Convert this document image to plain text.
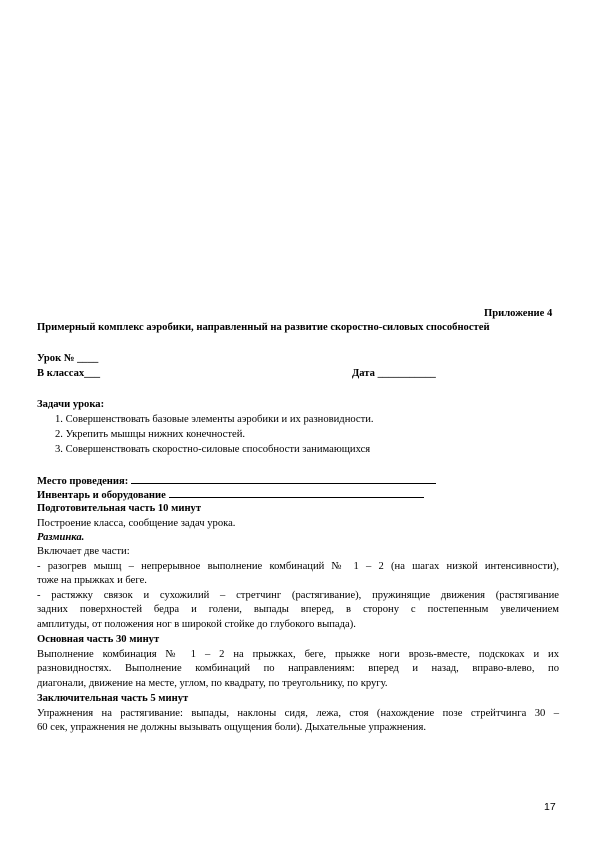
Приложение 4
Примерный комплекс аэробики, направленный на развитие скоростно-силовых способностей
Урок № ____
В классах___	Дата ___________
Задачи урока:
1. Совершенствовать базовые элементы аэробики и их разновидности.
2. Укрепить мышцы нижних конечностей.
3. Совершенствовать скоростно-силовые способности занимающихся
Место проведения:
Инвентарь и оборудование
Подготовительная часть 10 минут
Построение класса, сообщение задач урока.
Разминка.
Включает две части:
- разогрев мышц – непрерывное выполнение комбинаций № 1 – 2 (на шагах низкой интенсивности),
тоже на прыжках и беге.
- растяжку связок и сухожилий – стретчинг (растягивание), пружинящие движения (растягивание
задних поверхностей бедра и голени, выпады вперед, в сторону с постепенным увеличением
амплитуды, от положения ног в широкой стойке до глубокого выпада).
Основная часть 30 минут
Выполнение комбинация № 1 – 2 на прыжках, беге, прыжке ноги врозь-вместе, подскоках и их
разновидностях. Выполнение комбинаций по направлениям: вперед и назад, вправо-влево, по
диагонали, движение на месте, углом, по квадрату, по треугольнику, по кругу.
Заключительная часть 5 минут
Упражнения на растягивание: выпады, наклоны сидя, лежа, стоя (нахождение позе стрейтчинга 30 –
60 сек, упражнения не должны вызывать ощущения боли). Дыхательные упражнения.
17
